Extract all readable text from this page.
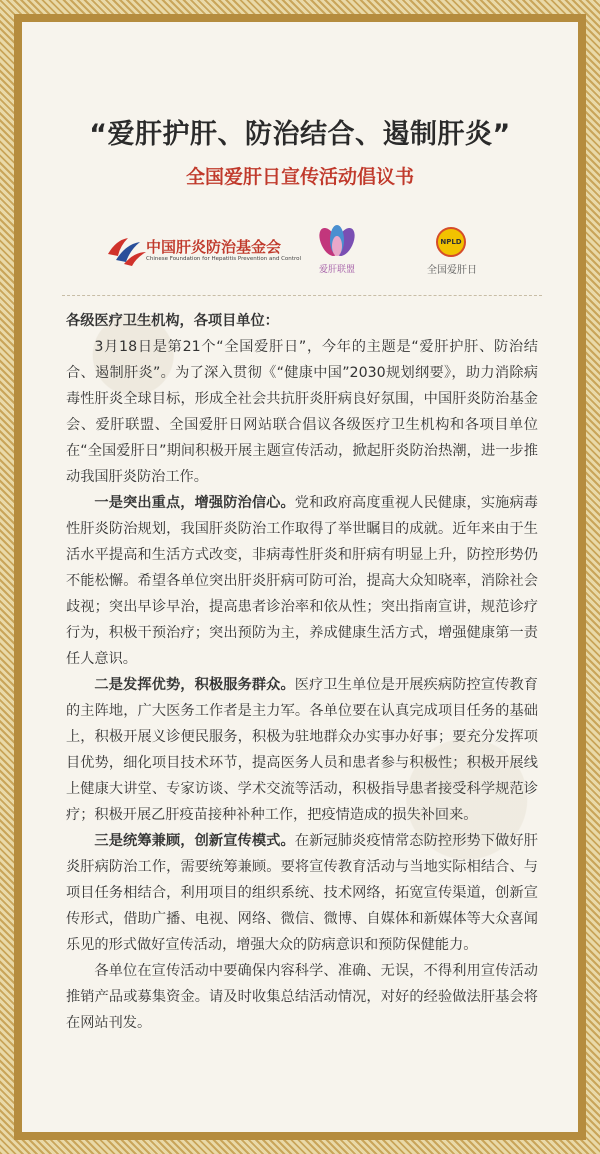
“爱肝护肝、防治结合、遏制肝炎”
全国爱肝日宣传活动倡议书
中国肝炎防治基金会
Chinese Foundation for Hepatitis Prevention and Control
爱肝联盟
NPLD
全国爱肝日

各级医疗卫生机构，各项目单位：

3月18日是第21个“全国爱肝日”，今年的主题是“爱肝护肝、防治结合、遏制肝炎”。为了深入贯彻《“健康中国”2030规划纲要》，助力消除病毒性肝炎全球目标，形成全社会共抗肝炎肝病良好氛围，中国肝炎防治基金会、爱肝联盟、全国爱肝日网站联合倡议各级医疗卫生机构和各项目单位在“全国爱肝日”期间积极开展主题宣传活动，掀起肝炎防治热潮，进一步推动我国肝炎防治工作。

一是突出重点，增强防治信心。党和政府高度重视人民健康，实施病毒性肝炎防治规划，我国肝炎防治工作取得了举世瞩目的成就。近年来由于生活水平提高和生活方式改变，非病毒性肝炎和肝病有明显上升，防控形势仍不能松懈。希望各单位突出肝炎肝病可防可治，提高大众知晓率，消除社会歧视；突出早诊早治，提高患者诊治率和依从性；突出指南宣讲，规范诊疗行为，积极干预治疗；突出预防为主，养成健康生活方式，增强健康第一责任人意识。

二是发挥优势，积极服务群众。医疗卫生单位是开展疾病防控宣传教育的主阵地，广大医务工作者是主力军。各单位要在认真完成项目任务的基础上，积极开展义诊便民服务，积极为驻地群众办实事办好事；要充分发挥项目优势，细化项目技术环节，提高医务人员和患者参与积极性；积极开展线上健康大讲堂、专家访谈、学术交流等活动，积极指导患者接受科学规范诊疗；积极开展乙肝疫苗接种补种工作，把疫情造成的损失补回来。

三是统筹兼顾，创新宣传模式。在新冠肺炎疫情常态防控形势下做好肝炎肝病防治工作，需要统筹兼顾。要将宣传教育活动与当地实际相结合、与项目任务相结合，利用项目的组织系统、技术网络，拓宽宣传渠道，创新宣传形式，借助广播、电视、网络、微信、微博、自媒体和新媒体等大众喜闻乐见的形式做好宣传活动，增强大众的防病意识和预防保健能力。

各单位在宣传活动中要确保内容科学、准确、无误，不得利用宣传活动推销产品或募集资金。请及时收集总结活动情况，对好的经验做法肝基会将在网站刊发。
